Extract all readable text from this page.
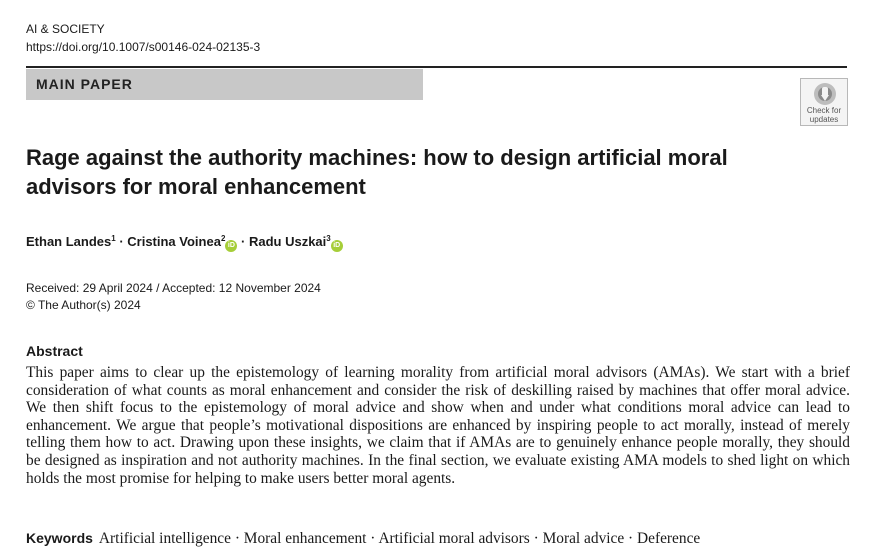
AI & SOCIETY
https://doi.org/10.1007/s00146-024-02135-3
MAIN PAPER
Check for
updates
Rage against the authority machines: how to design artificial moral advisors for moral enhancement
Ethan Landes$^1$ · Cristina Voinea$^2$iD · Radu Uszkai$^3$iD
Received: 29 April 2024 / Accepted: 12 November 2024
© The Author(s) 2024
Abstract

This paper aims to clear up the epistemology of learning morality from artificial moral advisors (AMAs). We start with a brief consideration of what counts as moral enhancement and consider the risk of deskilling raised by machines that offer moral advice. We then shift focus to the epistemology of moral advice and show when and under what conditions moral advice can lead to enhancement. We argue that people’s motivational dispositions are enhanced by inspiring people to act morally, instead of merely telling them how to act. Drawing upon these insights, we claim that if AMAs are to genuinely enhance people morally, they should be designed as inspiration and not authority machines. In the final section, we evaluate existing AMA models to shed light on which holds the most promise for helping to make users better moral agents.

Keywords Artificial intelligence · Moral enhancement · Artificial moral advisors · Moral advice · Deference
